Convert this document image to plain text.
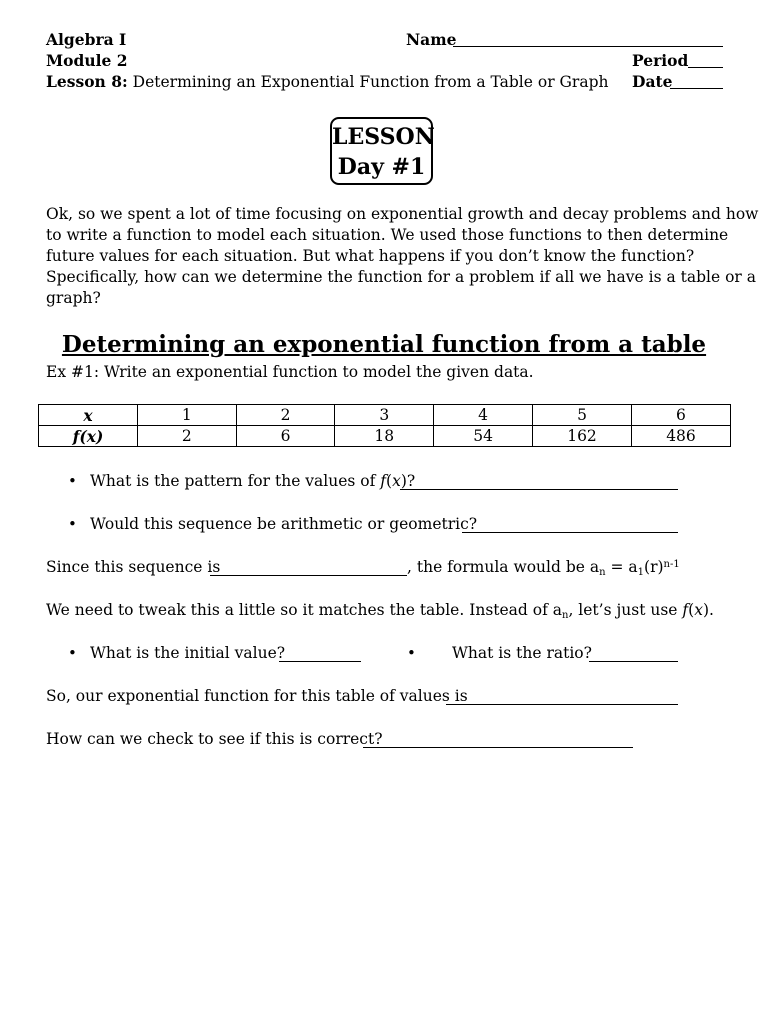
Algebra I
Module 2
Lesson 8: Determining an Exponential Function from a Table or Graph
Name
Period
Date
LESSON
Day #1
Ok, so we spent a lot of time focusing on exponential growth and decay problems and how
to write a function to model each situation. We used those functions to then determine
future values for each situation. But what happens if you don’t know the function?
Specifically, how can we determine the function for a problem if all we have is a table or a
graph?
Determining an exponential function from a table
Ex #1: Write an exponential function to model the given data.
x	1	2	3	4	5	6
f(x)	2	6	18	54	162	486
• What is the pattern for the values of f(x)?
• Would this sequence be arithmetic or geometric?
Since this sequence is	, the formula would be $a_n = a_1(r)^{n-1}$
We need to tweak this a little so it matches the table. Instead of $a_n$, let’s just use f(x).
• What is the initial value?	• What is the ratio?
So, our exponential function for this table of values is
How can we check to see if this is correct?
